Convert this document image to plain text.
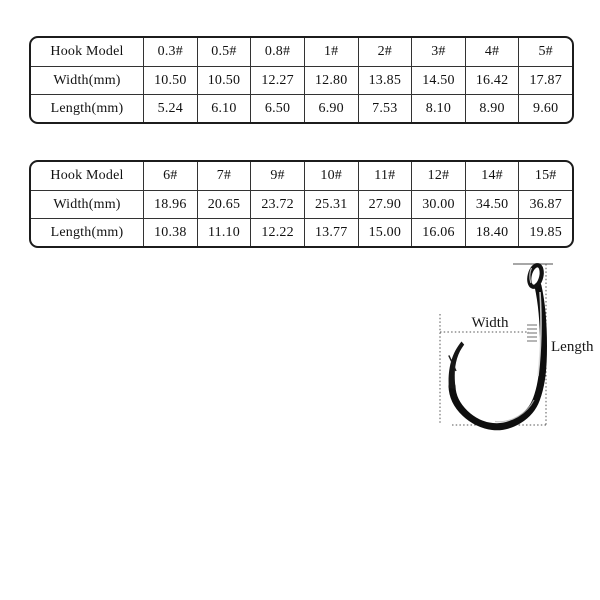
Hook Model	0.3#	0.5#	0.8#	1#	2#	3#	4#	5#
Width(mm)	10.50	10.50	12.27	12.80	13.85	14.50	16.42	17.87
Length(mm)	5.24	6.10	6.50	6.90	7.53	8.10	8.90	9.60
Hook Model	6#	7#	9#	10#	11#	12#	14#	15#
Width(mm)	18.96	20.65	23.72	25.31	27.90	30.00	34.50	36.87
Length(mm)	10.38	11.10	12.22	13.77	15.00	16.06	18.40	19.85
Width
Length
